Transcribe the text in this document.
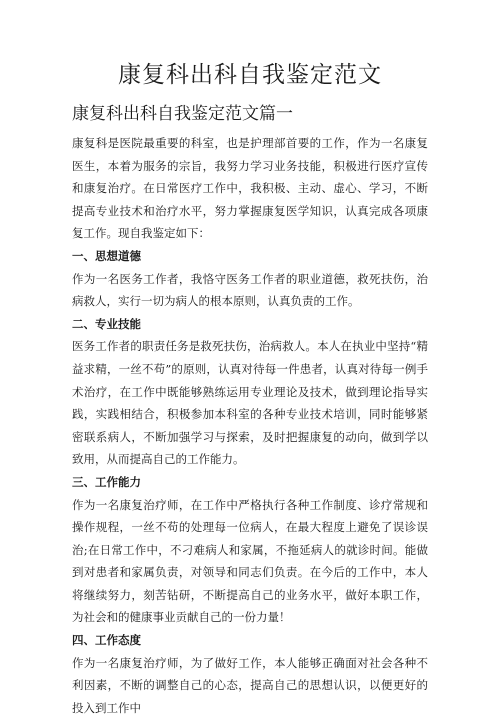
康复科出科自我鉴定范文
康复科出科自我鉴定范文篇一

康复科是医院最重要的科室，也是护理部首要的工作，作为一名康复医生，本着为服务的宗旨，我努力学习业务技能，积极进行医疗宣传和康复治疗。在日常医疗工作中，我积极、主动、虚心、学习，不断提高专业技术和治疗水平，努力掌握康复医学知识，认真完成各项康复工作。现自我鉴定如下：

一、思想道德

作为一名医务工作者，我恪守医务工作者的职业道德，救死扶伤，治病救人，实行一切为病人的根本原则，认真负责的工作。

二、专业技能

医务工作者的职责任务是救死扶伤，治病救人。本人在执业中坚持“精益求精，一丝不苟”的原则，认真对待每一件患者，认真对待每一例手术治疗，在工作中既能够熟练运用专业理论及技术，做到理论指导实践，实践相结合，积极参加本科室的各种专业技术培训，同时能够紧密联系病人，不断加强学习与探索，及时把握康复的动向，做到学以致用，从而提高自己的工作能力。

三、工作能力

作为一名康复治疗师，在工作中严格执行各种工作制度、诊疗常规和操作规程，一丝不苟的处理每一位病人，在最大程度上避免了误诊误治;在日常工作中，不刁难病人和家属，不拖延病人的就诊时间。能做到对患者和家属负责，对领导和同志们负责。在今后的工作中，本人将继续努力，刻苦钻研，不断提高自己的业务水平，做好本职工作，为社会和的健康事业贡献自己的一份力量！

四、工作态度

作为一名康复治疗师，为了做好工作，本人能够正确面对社会各种不利因素，不断的调整自己的心态，提高自己的思想认识，以便更好的投入到工作中
